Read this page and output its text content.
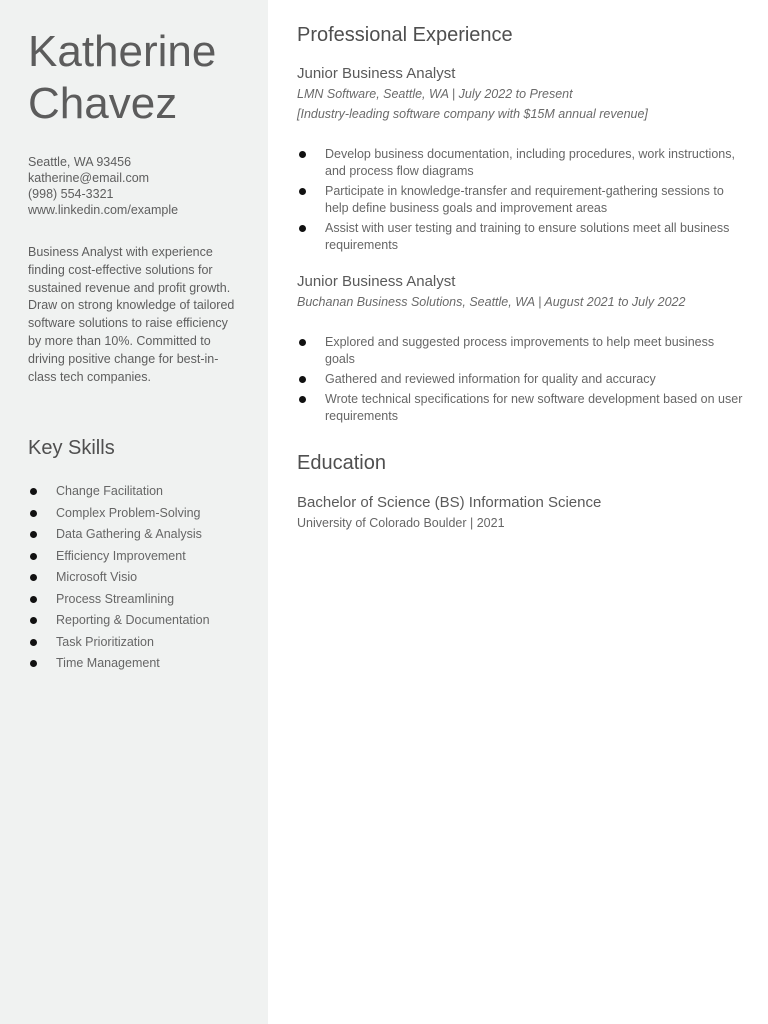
Katherine
Chavez
Seattle, WA 93456
katherine@email.com
(998) 554-3321
www.linkedin.com/example

Business Analyst with experience finding cost-effective solutions for sustained revenue and profit growth. Draw on strong knowledge of tailored software solutions to raise efficiency by more than 10%. Committed to driving positive change for best-in-class tech companies.

Key Skills
Change Facilitation
Complex Problem-Solving
Data Gathering & Analysis
Efficiency Improvement
Microsoft Visio
Process Streamlining
Reporting & Documentation
Task Prioritization
Time Management
Professional Experience
Junior Business Analyst

LMN Software, Seattle, WA | July 2022 to Present

[Industry-leading software company with $15M annual revenue]

Develop business documentation, including procedures, work instructions, and process flow diagrams
Participate in knowledge-transfer and requirement-gathering sessions to help define business goals and improvement areas
Assist with user testing and training to ensure solutions meet all business requirements
Junior Business Analyst

Buchanan Business Solutions, Seattle, WA | August 2021 to July 2022

Explored and suggested process improvements to help meet business goals
Gathered and reviewed information for quality and accuracy
Wrote technical specifications for new software development based on user requirements
Education
Bachelor of Science (BS) Information Science

University of Colorado Boulder | 2021
